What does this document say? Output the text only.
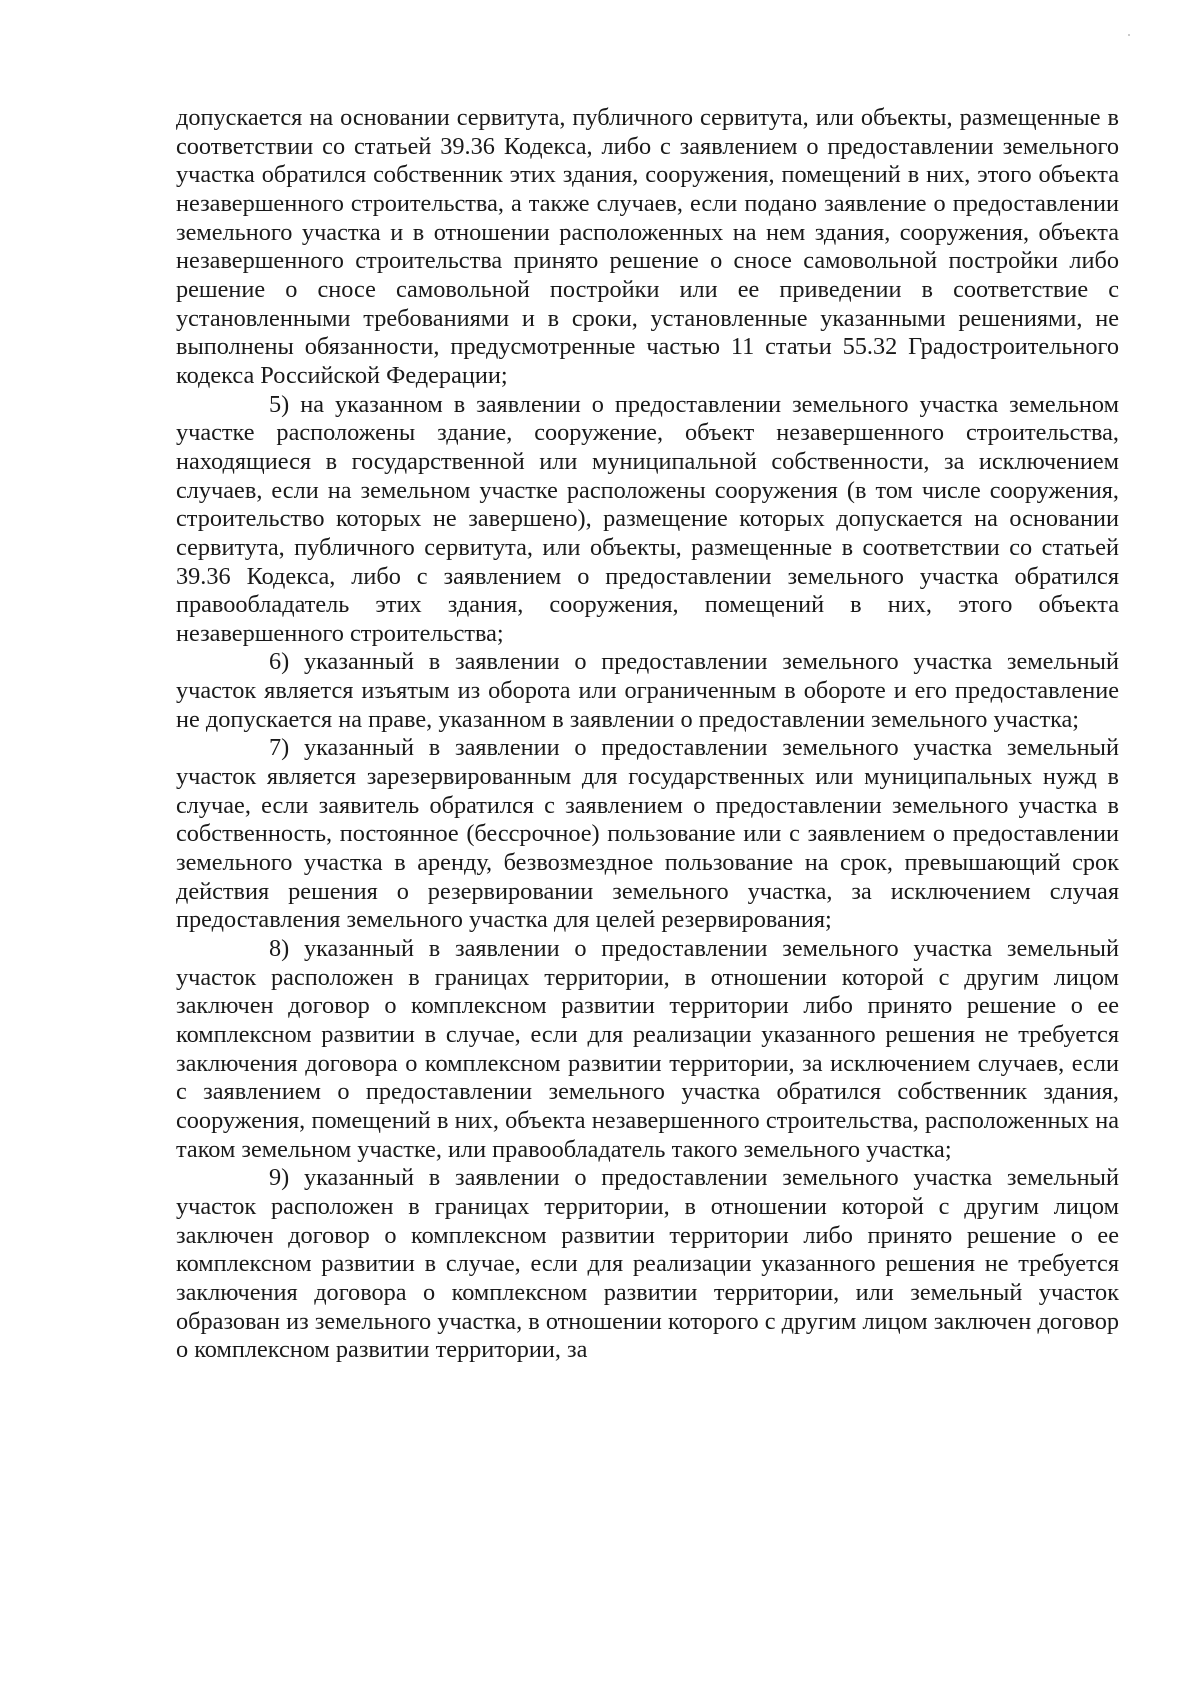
допускается на основании сервитута, публичного сервитута, или объекты, размещенные в соответствии со статьей 39.36 Кодекса, либо с заявлением о предоставлении земельного участка обратился собственник этих здания, сооружения, помещений в них, этого объекта незавершенного строительства, а также случаев, если подано заявление о предоставлении земельного участка и в отношении расположенных на нем здания, сооружения, объекта незавершенного строительства принято решение о сносе самовольной постройки либо решение о сносе самовольной постройки или ее приведении в соответствие с установленными требованиями и в сроки, установленные указанными решениями, не выполнены обязанности, предусмотренные частью 11 статьи 55.32 Градостроительного кодекса Российской Федерации;

5) на указанном в заявлении о предоставлении земельного участка земельном участке расположены здание, сооружение, объект незавершенного строительства, находящиеся в государственной или муниципальной собственности, за исключением случаев, если на земельном участке расположены сооружения (в том числе сооружения, строительство которых не завершено), размещение которых допускается на основании сервитута, публичного сервитута, или объекты, размещенные в соответствии со статьей 39.36 Кодекса, либо с заявлением о предоставлении земельного участка обратился правообладатель этих здания, сооружения, помещений в них, этого объекта незавершенного строительства;

6) указанный в заявлении о предоставлении земельного участка земельный участок является изъятым из оборота или ограниченным в обороте и его предоставление не допускается на праве, указанном в заявлении о предоставлении земельного участка;

7) указанный в заявлении о предоставлении земельного участка земельный участок является зарезервированным для государственных или муниципальных нужд в случае, если заявитель обратился с заявлением о предоставлении земельного участка в собственность, постоянное (бессрочное) пользование или с заявлением о предоставлении земельного участка в аренду, безвозмездное пользование на срок, превышающий срок действия решения о резервировании земельного участка, за исключением случая предоставления земельного участка для целей резервирования;

8) указанный в заявлении о предоставлении земельного участка земельный участок расположен в границах территории, в отношении которой с другим лицом заключен договор о комплексном развитии территории либо принято решение о ее комплексном развитии в случае, если для реализации указанного решения не требуется заключения договора о комплексном развитии территории, за исключением случаев, если с заявлением о предоставлении земельного участка обратился собственник здания, сооружения, помещений в них, объекта незавершенного строительства, расположенных на таком земельном участке, или правообладатель такого земельного участка;

9) указанный в заявлении о предоставлении земельного участка земельный участок расположен в границах территории, в отношении которой с другим лицом заключен договор о комплексном развитии территории либо принято решение о ее комплексном развитии в случае, если для реализации указанного решения не требуется заключения договора о комплексном развитии территории, или земельный участок образован из земельного участка, в отношении которого с другим лицом заключен договор о комплексном развитии территории, за
